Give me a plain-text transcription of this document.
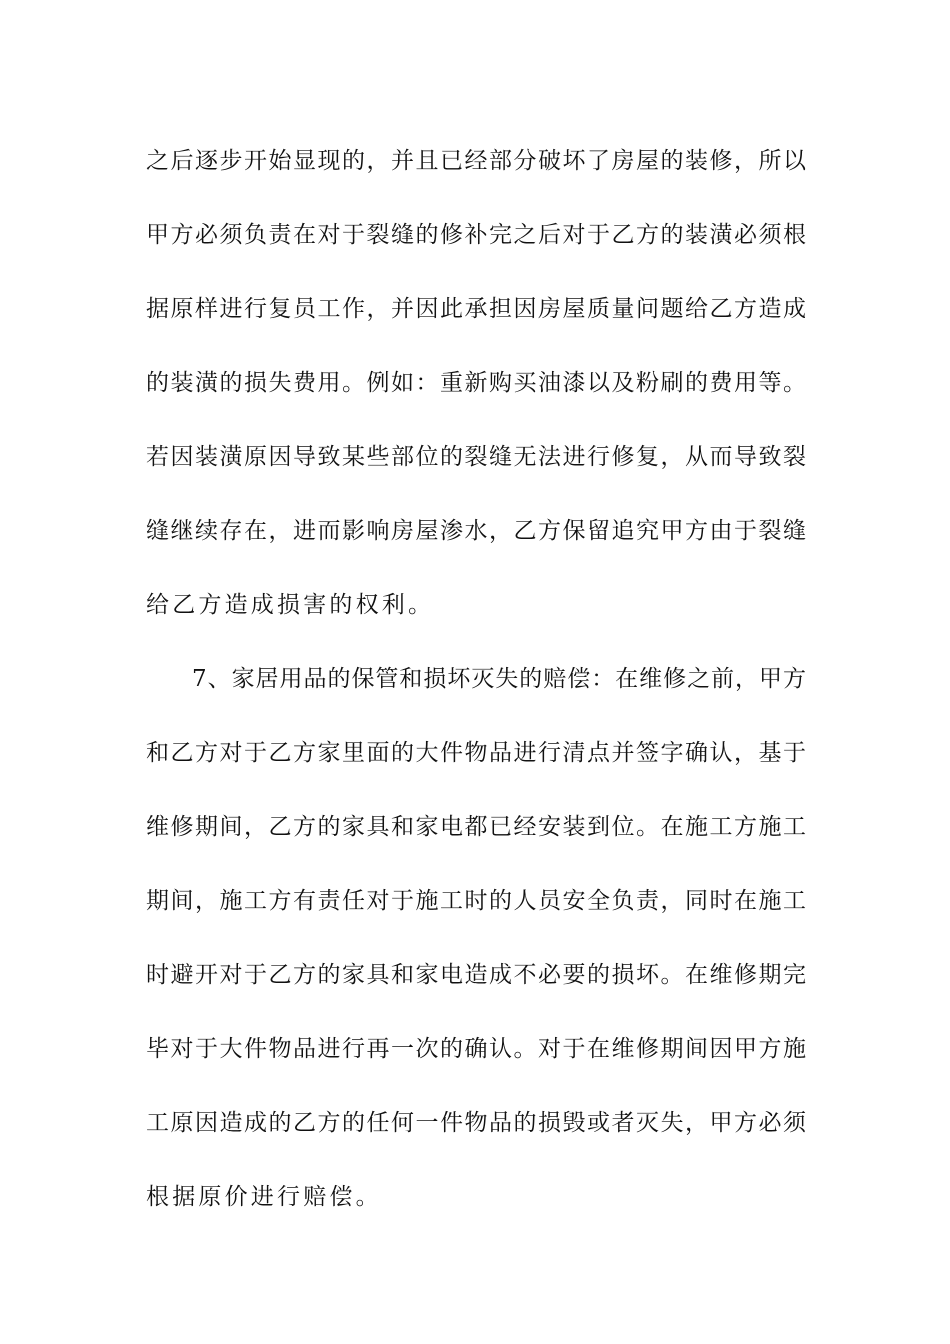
之后逐步开始显现的，并且已经部分破坏了房屋的装修，所以
甲方必须负责在对于裂缝的修补完之后对于乙方的装潢必须根
据原样进行复员工作，并因此承担因房屋质量问题给乙方造成
的装潢的损失费用。例如：重新购买油漆以及粉刷的费用等。
若因装潢原因导致某些部位的裂缝无法进行修复，从而导致裂
缝继续存在，进而影响房屋渗水，乙方保留追究甲方由于裂缝
给乙方造成损害的权利。
7、家居用品的保管和损坏灭失的赔偿：在维修之前，甲方
和乙方对于乙方家里面的大件物品进行清点并签字确认，基于
维修期间，乙方的家具和家电都已经安装到位。在施工方施工
期间，施工方有责任对于施工时的人员安全负责，同时在施工
时避开对于乙方的家具和家电造成不必要的损坏。在维修期完
毕对于大件物品进行再一次的确认。对于在维修期间因甲方施
工原因造成的乙方的任何一件物品的损毁或者灭失，甲方必须
根据原价进行赔偿。
